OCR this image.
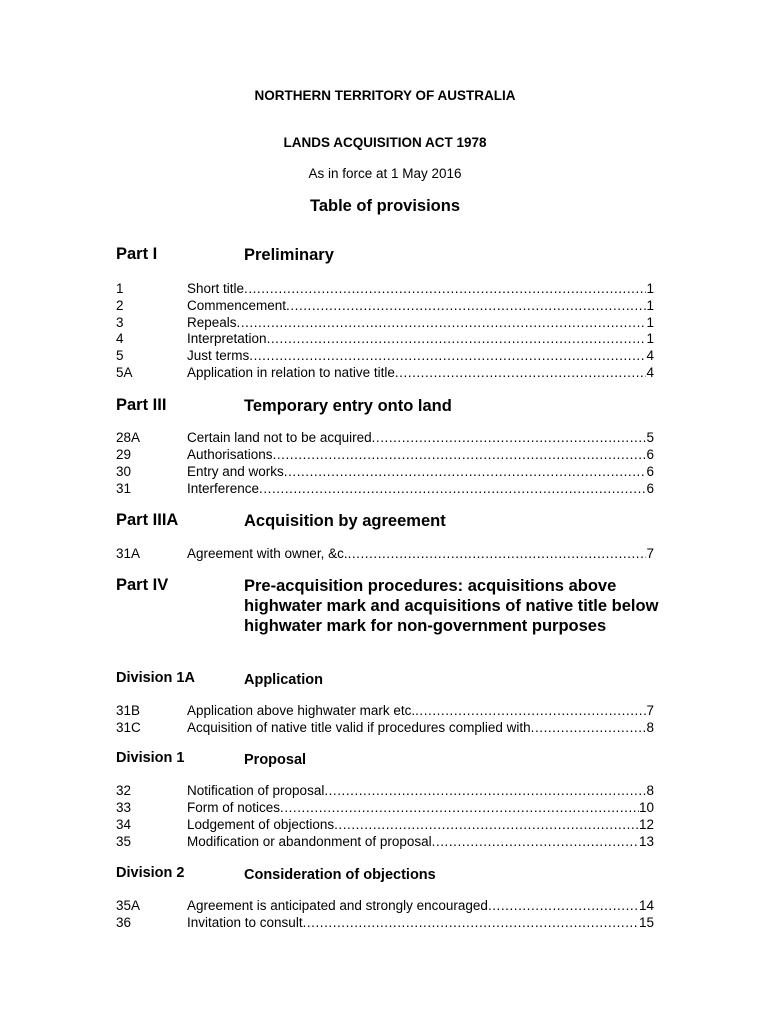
NORTHERN TERRITORY OF AUSTRALIA
LANDS ACQUISITION ACT 1978
As in force at 1 May 2016
Table of provisions
Part I	Preliminary
1	Short title . . .	1
2	Commencement . . .	1
3	Repeals . . .	1
4	Interpretation . . .	1
5	Just terms . . .	4
5A	Application in relation to native title . . .	4
Part III	Temporary entry onto land
28A	Certain land not to be acquired . . .	5
29	Authorisations . . .	6
30	Entry and works . . .	6
31	Interference . . .	6
Part IIIA	Acquisition by agreement
31A	Agreement with owner, &c. . . .	7
Part IV	Pre-acquisition procedures: acquisitions above highwater mark and acquisitions of native title below highwater mark for non-government purposes
Division 1A	Application
31B	Application above highwater mark etc. . . .	7
31C	Acquisition of native title valid if procedures complied with . . .	8
Division 1	Proposal
32	Notification of proposal . . .	8
33	Form of notices . . .	10
34	Lodgement of objections . . .	12
35	Modification or abandonment of proposal . . .	13
Division 2	Consideration of objections
35A	Agreement is anticipated and strongly encouraged . . .	14
36	Invitation to consult . . .	15
